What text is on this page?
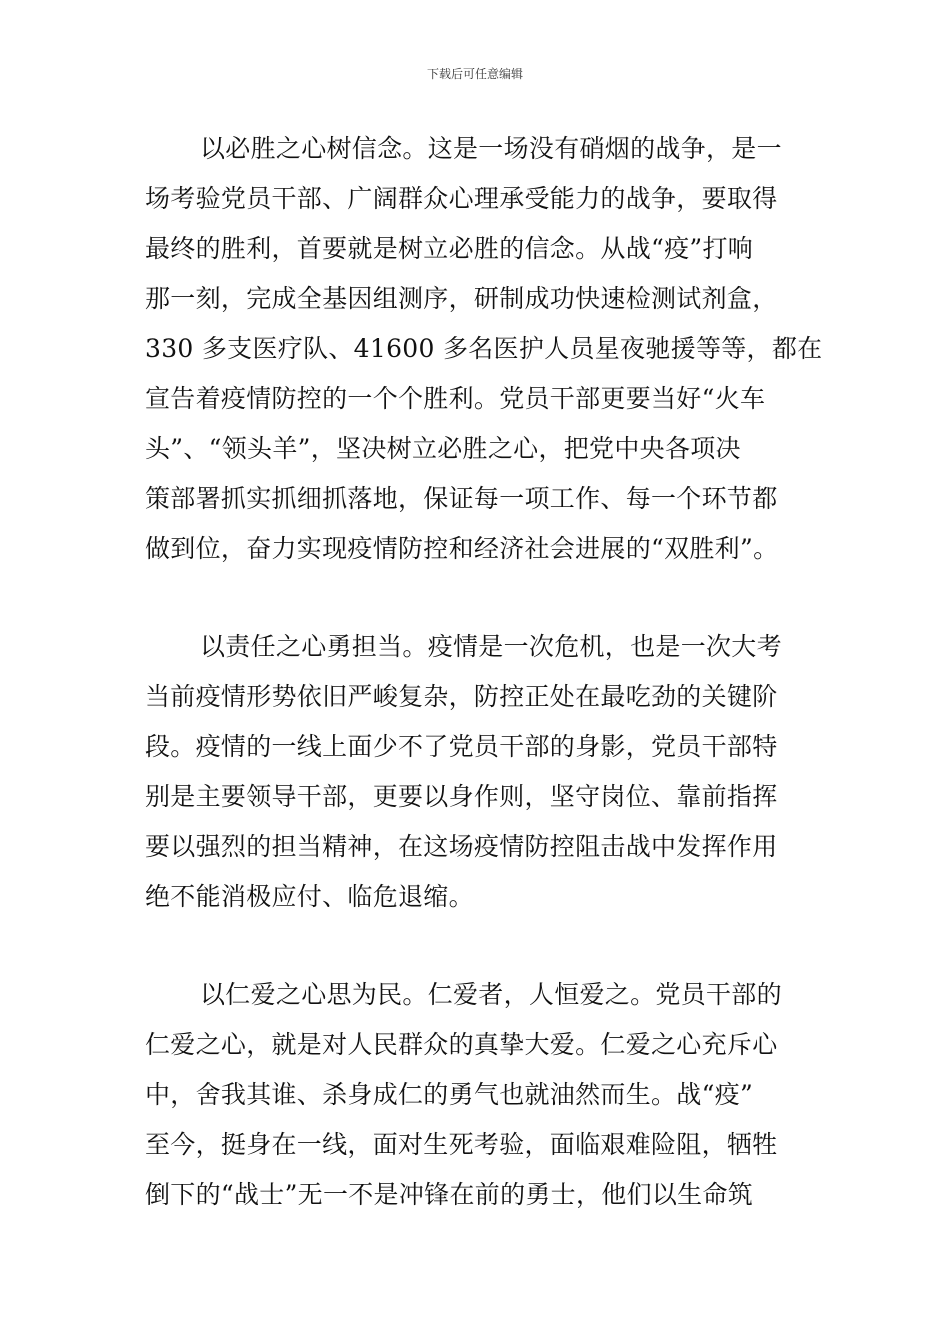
下载后可任意编辑
以必胜之心树信念。这是一场没有硝烟的战争，是一
场考验党员干部、广阔群众心理承受能力的战争，要取得
最终的胜利，首要就是树立必胜的信念。从战“疫”打响
那一刻，完成全基因组测序，研制成功快速检测试剂盒，
330 多支医疗队、41600 多名医护人员星夜驰援等等，都在
宣告着疫情防控的一个个胜利。党员干部更要当好“火车
头”、“领头羊”，坚决树立必胜之心，把党中央各项决
策部署抓实抓细抓落地，保证每一项工作、每一个环节都
做到位，奋力实现疫情防控和经济社会进展的“双胜利”。
以责任之心勇担当。疫情是一次危机，也是一次大考
当前疫情形势依旧严峻复杂，防控正处在最吃劲的关键阶
段。疫情的一线上面少不了党员干部的身影，党员干部特
别是主要领导干部，更要以身作则，坚守岗位、靠前指挥
要以强烈的担当精神，在这场疫情防控阻击战中发挥作用
绝不能消极应付、临危退缩。
以仁爱之心思为民。仁爱者，人恒爱之。党员干部的
仁爱之心，就是对人民群众的真挚大爱。仁爱之心充斥心
中，舍我其谁、杀身成仁的勇气也就油然而生。战“疫”
至今，挺身在一线，面对生死考验，面临艰难险阻，牺牲
倒下的“战士”无一不是冲锋在前的勇士，他们以生命筑
